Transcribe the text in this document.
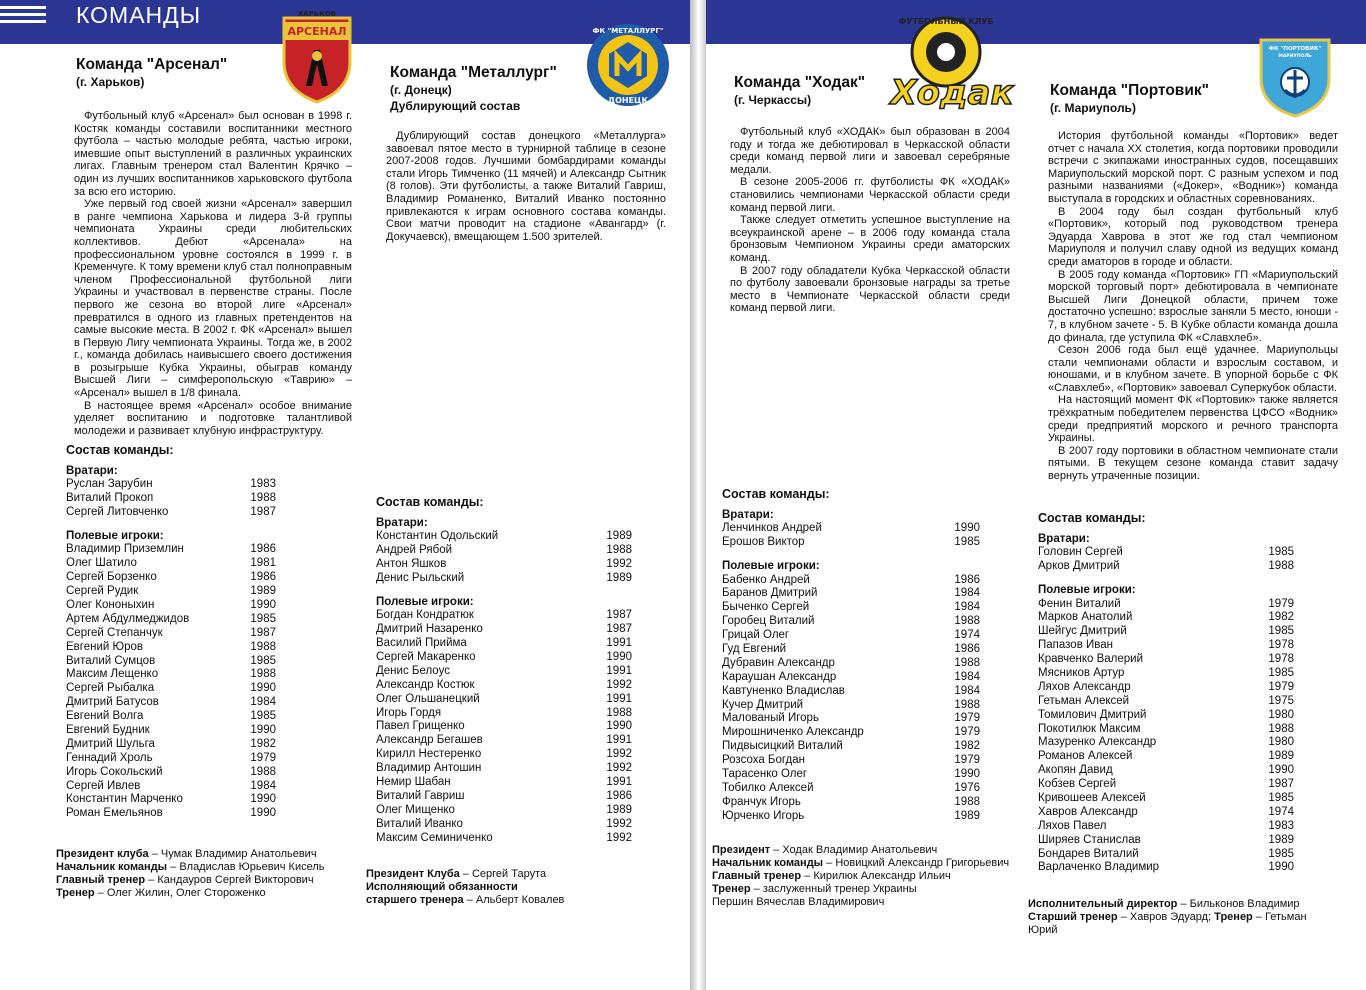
КОМАНДЫ
АРСЕНАЛ
ХАРЬКОВ
ФК "МЕТАЛЛУРГ"
ДОНЕЦК
ФУТБОЛЬНЫЙ КЛУБ
Ходак
ФК "ПОРТОВИК"
МАРИУПОЛЬ
Команда "Арсенал"
(г. Харьков)

Футбольный клуб «Арсенал» был основан в 1998 г. Костяк команды составили воспитанники местного футбола – частью молодые ребята, частью игроки, имевшие опыт выступлений в различных украинских лигах. Главным тренером стал Валентин Крячко – один из лучших воспитанников харьковского футбола за всю его историю.

Уже первый год своей жизни «Арсенал» завершил в ранге чемпиона Харькова и лидера 3-й группы чемпионата Украины среди любительских коллективов. Дебют «Арсенала» на профессиональном уровне состоялся в 1999 г. в Кременчуге. К тому времени клуб стал полноправным членом Профессиональной футбольной лиги Украины и участвовал в первенстве страны. После первого же сезона во второй лиге «Арсенал» превратился в одного из главных претендентов на самые высокие места. В 2002 г. ФК «Арсенал» вышел в Первую Лигу чемпионата Украины. Тогда же, в 2002 г., команда добилась наивысшего своего достижения в розыгрыше Кубка Украины, обыграв команду Высшей Лиги – симферопольскую «Таврию» – «Арсенал» вышел в 1/8 финала.

В настоящее время «Арсенал» особое внимание уделяет воспитанию и подготовке талантливой молодежи и развивает клубную инфраструктуру.

Состав команды:
Вратари:
Руслан Зарубин	1983
Виталий Прокоп	1988
Сергей Литовченко	1987
Полевые игроки:
Владимир Приземлин	1986
Олег Шатило	1981
Сергей Борзенко	1986
Сергей Рудик	1989
Олег Кононыхин	1990
Артем Абдулмеджидов	1985
Сергей Степанчук	1987
Евгений Юров	1988
Виталий Сумцов	1985
Максим Лещенко	1988
Сергей Рыбалка	1990
Дмитрий Батусов	1984
Евгений Волга	1985
Евгений Будник	1990
Дмитрий Шульга	1982
Геннадий Хроль	1979
Игорь Сокольский	1988
Сергей Ивлев	1984
Константин Марченко	1990
Роман Емельянов	1990
Президент клуба – Чумак Владимир Анатольевич
Начальник команды – Владислав Юрьевич Кисель
Главный тренер – Кандауров Сергей Викторович
Тренер – Олег Жилин, Олег Стороженко
Команда "Металлург"
(г. Донецк)
Дублирующий состав

Дублирующий состав донецкого «Металлурга» завоевал пятое место в турнирной таблице в сезоне 2007-2008 годов. Лучшими бомбардирами команды стали Игорь Тимченко (11 мячей) и Александр Сытник (8 голов). Эти футболисты, а также Виталий Гавриш, Владимир Романенко, Виталий Иванко постоянно привлекаются к играм основного состава команды. Свои матчи проводит на стадионе «Авангард» (г. Докучаевск), вмещающем 1.500 зрителей.

Состав команды:
Вратари:
Константин Одольский	1989
Андрей Рябой	1988
Антон Яшков	1992
Денис Рыльский	1989
Полевые игроки:
Богдан Кондратюк	1987
Дмитрий Назаренко	1987
Василий Прийма	1991
Сергей Макаренко	1990
Денис Белоус	1991
Александр Костюк	1992
Олег Ольшанецкий	1991
Игорь Гордя	1988
Павел Грищенко	1990
Александр Бегашев	1991
Кирилл Нестеренко	1992
Владимир Антошин	1992
Немир Шабан	1991
Виталий Гавриш	1986
Олег Мищенко	1989
Виталий Иванко	1992
Максим Семиниченко	1992
Президент Клуба – Сергей Тарута
Исполняющий обязанности
старшего тренера – Альберт Ковалев
Команда "Ходак"
(г. Черкассы)

Футбольный клуб «ХОДАК» был образован в 2004 году и тогда же дебютировал в Черкасской области среди команд первой лиги и завоевал серебряные медали.

В сезоне 2005-2006 гг. футболисты ФК «ХОДАК» становились чемпионами Черкасской области среди команд первой лиги.

Также следует отметить успешное выступление на всеукраинской арене – в 2006 году команда стала бронзовым Чемпионом Украины среди аматорских команд.

В 2007 году обладатели Кубка Черкасской области по футболу завоевали бронзовые награды за третье место в Чемпионате Черкасской области среди команд первой лиги.

Состав команды:
Вратари:
Ленчинков Андрей	1990
Ерошов Виктор	1985
Полевые игроки:
Бабенко Андрей	1986
Баранов Дмитрий	1984
Быченко Сергей	1984
Горобец Виталий	1988
Грицай Олег	1974
Гуд Евгений	1986
Дубравин Александр	1988
Караушан Александр	1984
Кавтуненко Владислав	1984
Кучер Дмитрий	1988
Малованый Игорь	1979
Мирошниченко Александр	1979
Пидвысицкий Виталий	1982
Розсоха Богдан	1979
Тарасенко Олег	1990
Тобилко Алексей	1976
Франчук Игорь	1988
Юрченко Игорь	1989
Президент – Ходак Владимир Анатольевич
Начальник команды – Новицкий Александр Григорьевич
Главный тренер – Кирилюк Александр Ильич
Тренер – заслуженный тренер Украины
Першин Вячеслав Владимирович
Команда "Портовик"
(г. Мариуполь)

История футбольной команды «Портовик» ведет отчет с начала XX столетия, когда портовики проводили встречи с экипажами иностранных судов, посещавших Мариупольский морской порт. С разным успехом и под разными названиями («Докер», «Водник») команда выступала в городских и областных соревнованиях.

В 2004 году был создан футбольный клуб «Портовик», который под руководством тренера Эдуарда Хаврова в этот же год стал чемпионом Мариуполя и получил славу одной из ведущих команд среди аматоров в городе и области.

В 2005 году команда «Портовик» ГП «Мариупольский морской торговый порт» дебютировала в чемпионате Высшей Лиги Донецкой области, причем тоже достаточно успешно: взрослые заняли 5 место, юноши - 7, в клубном зачете - 5. В Кубке области команда дошла до финала, где уступила ФК «Славхлеб».

Сезон 2006 года был ещё удачнее. Мариупольцы стали чемпионами области и взрослым составом, и юношами, и в клубном зачете. В упорной борьбе с ФК «Славхлеб», «Портовик» завоевал Суперкубок области.

На настоящий момент ФК «Портовик» также является трёхкратным победителем первенства ЦФСО «Водник» среди предприятий морского и речного транспорта Украины.

В 2007 году портовики в областном чемпионате стали пятыми. В текущем сезоне команда ставит задачу вернуть утраченные позиции.

Состав команды:
Вратари:
Головин Сергей	1985
Арков Дмитрий	1988
Полевые игроки:
Фенин Виталий	1979
Марков Анатолий	1982
Шейгус Дмитрий	1985
Папазов Иван	1978
Кравченко Валерий	1978
Мясников Артур	1985
Ляхов Александр	1979
Гетьман Алексей	1975
Томилович Дмитрий	1980
Покотилюк Максим	1988
Мазуренко Александр	1980
Романов Алексей	1989
Акопян Давид	1990
Кобзев Сергей	1987
Кривошеев Алексей	1985
Хавров Александр	1974
Ляхов Павел	1983
Ширяев Станислав	1989
Бондарев Виталий	1985
Варлаченко Владимир	1990
Исполнительный директор – Бильконов Владимир
Старший тренер – Хавров Эдуард; Тренер – Гетьман Юрий
